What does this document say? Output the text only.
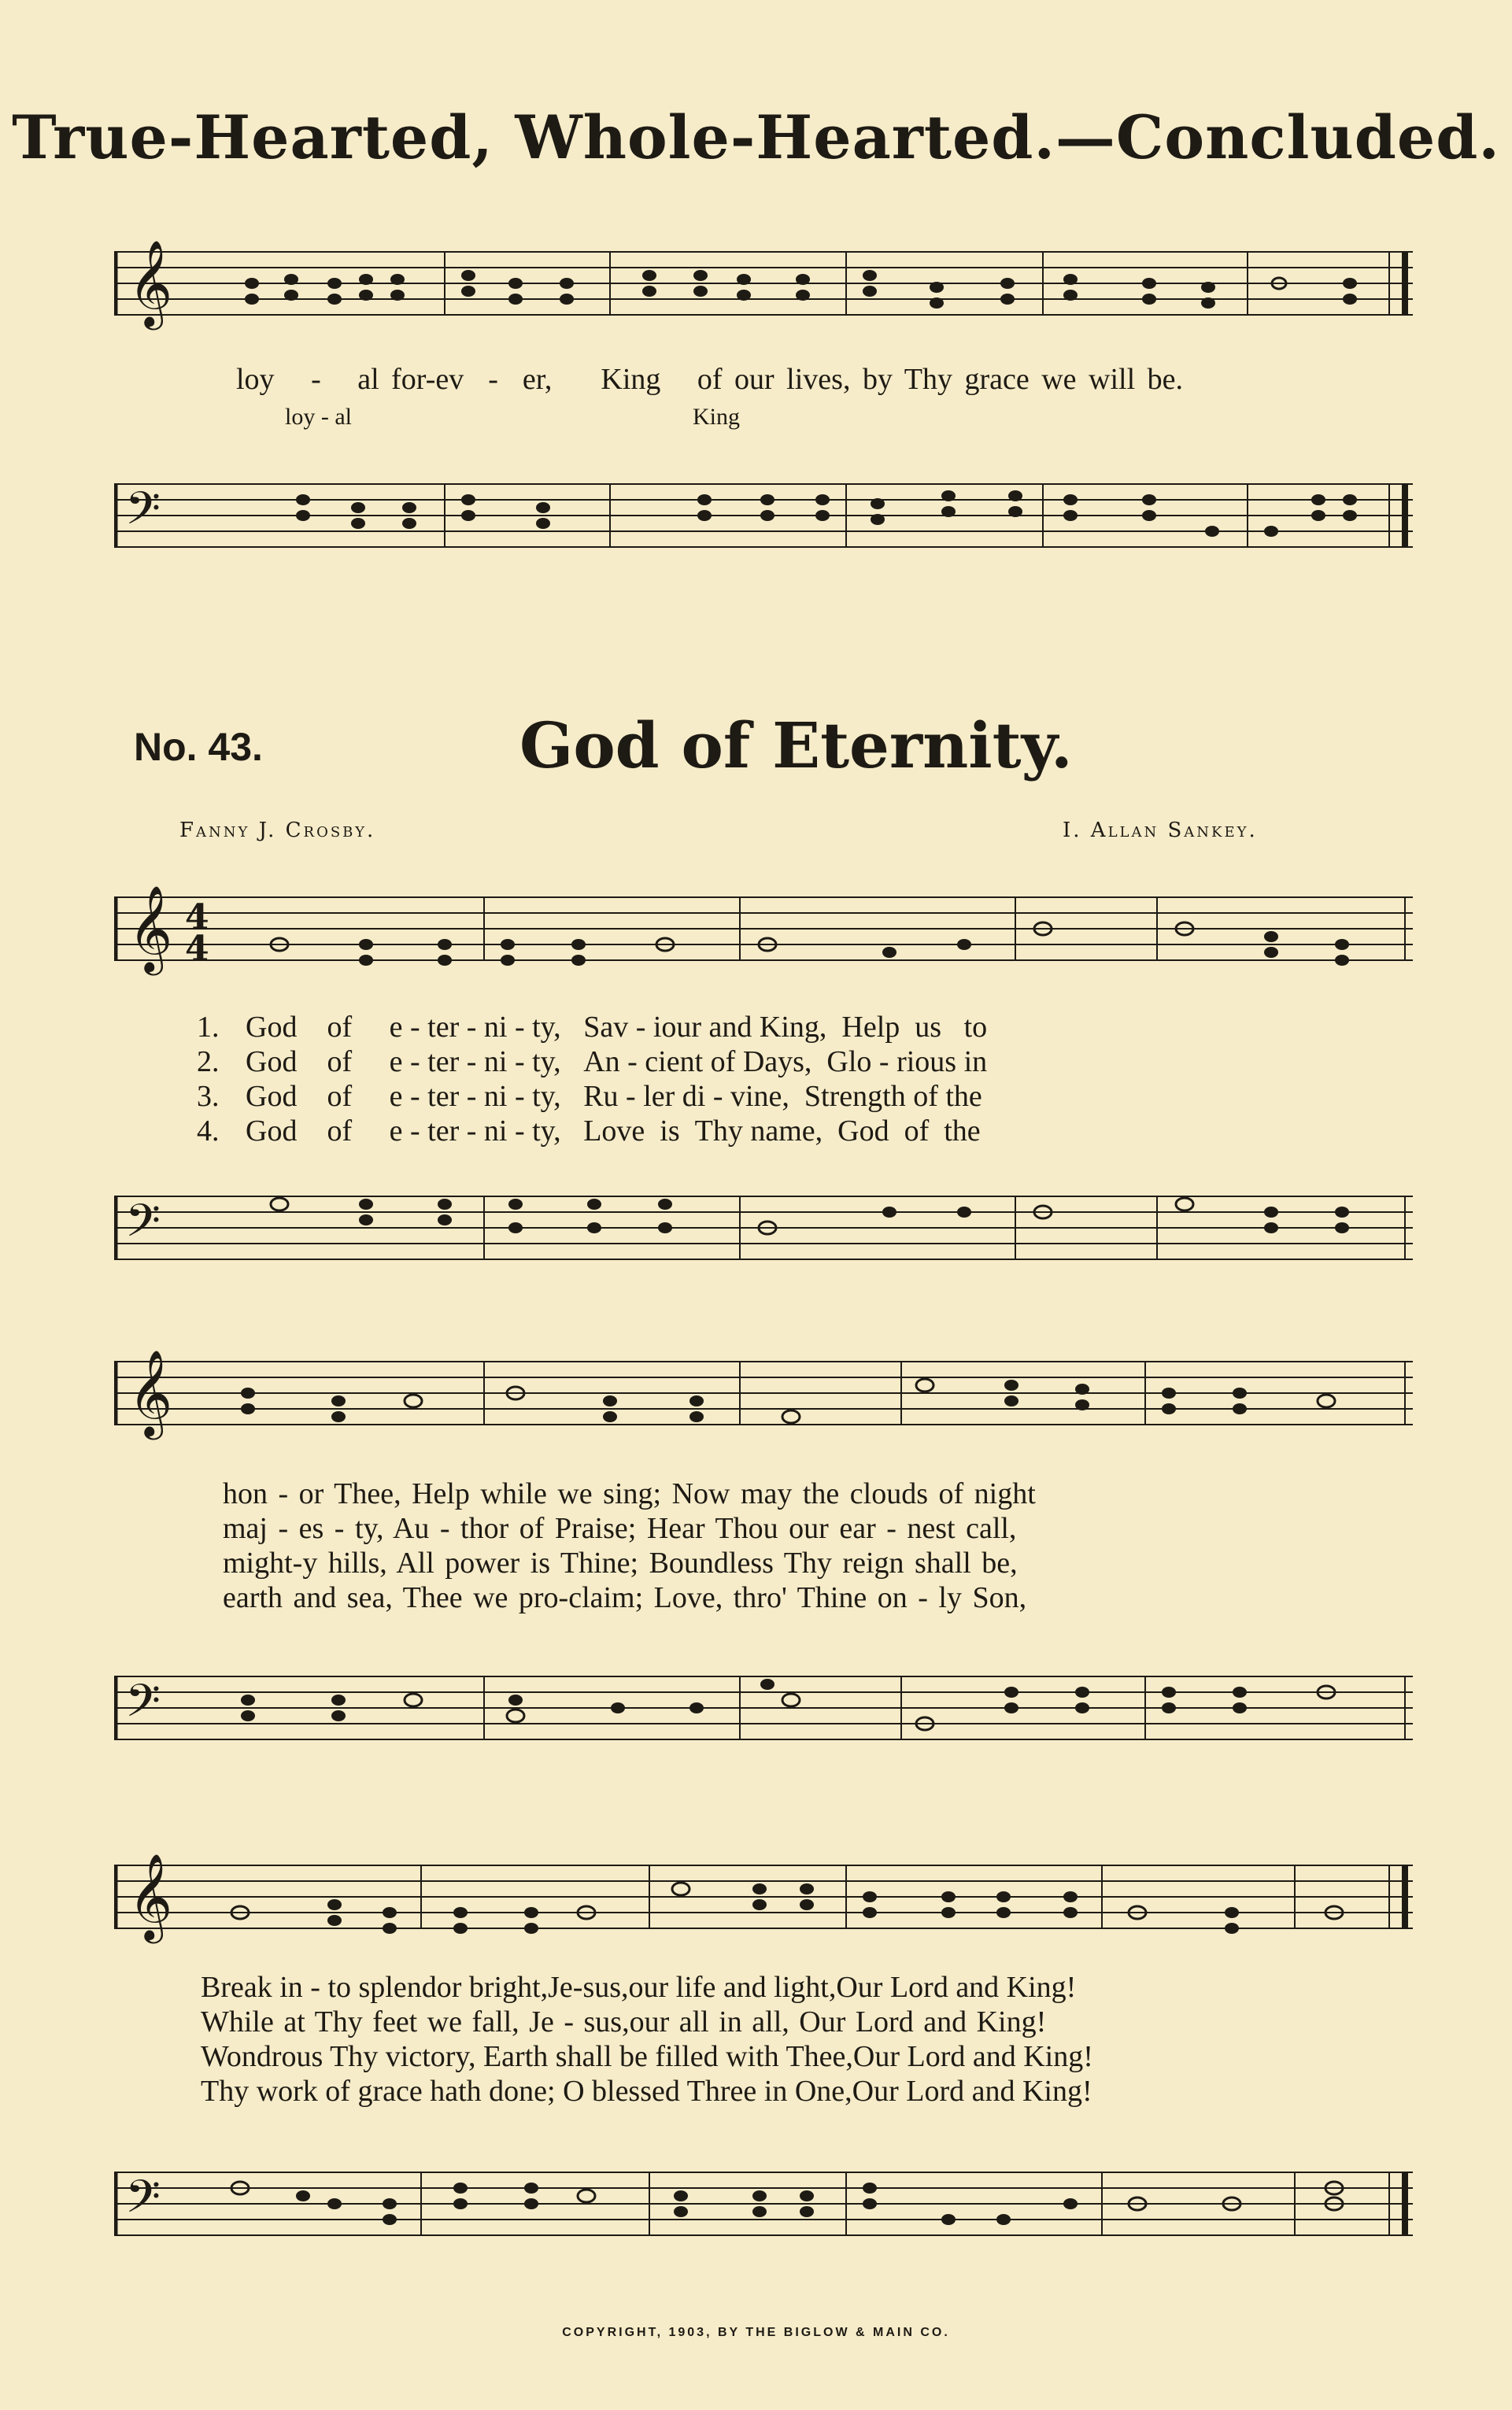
True-Hearted, Whole-Hearted.—Concluded.
𝄞
loy - al for-ev - er, King of our lives, by Thy grace we will be.
loy - al	King
𝄢
No. 43.	God of Eternity.
Fanny J. Crosby.	I. Allan Sankey.
𝄞 4
4
1.
2.
3.
4.
God of e - ter - ni - ty, Sav - iour and King, Help us to
God of e - ter - ni - ty, An - cient of Days, Glo - rious in
God of e - ter - ni - ty, Ru - ler di - vine, Strength of the
God of e - ter - ni - ty, Love is Thy name, God of the
𝄢
𝄞
hon - or Thee, Help while we sing; Now may the clouds of night
maj - es - ty, Au - thor of Praise; Hear Thou our ear - nest call,
might-y hills, All power is Thine; Boundless Thy reign shall be,
earth and sea, Thee we pro-claim; Love, thro' Thine on - ly Son,
𝄢
𝄞
Break in - to splendor bright,Je-sus,our life and light,Our Lord and King!
While at Thy feet we fall, Je - sus,our all in all, Our Lord and King!
Wondrous Thy victory, Earth shall be filled with Thee,Our Lord and King!
Thy work of grace hath done; O blessed Three in One,Our Lord and King!
𝄢
COPYRIGHT, 1903, BY THE BIGLOW & MAIN CO.
